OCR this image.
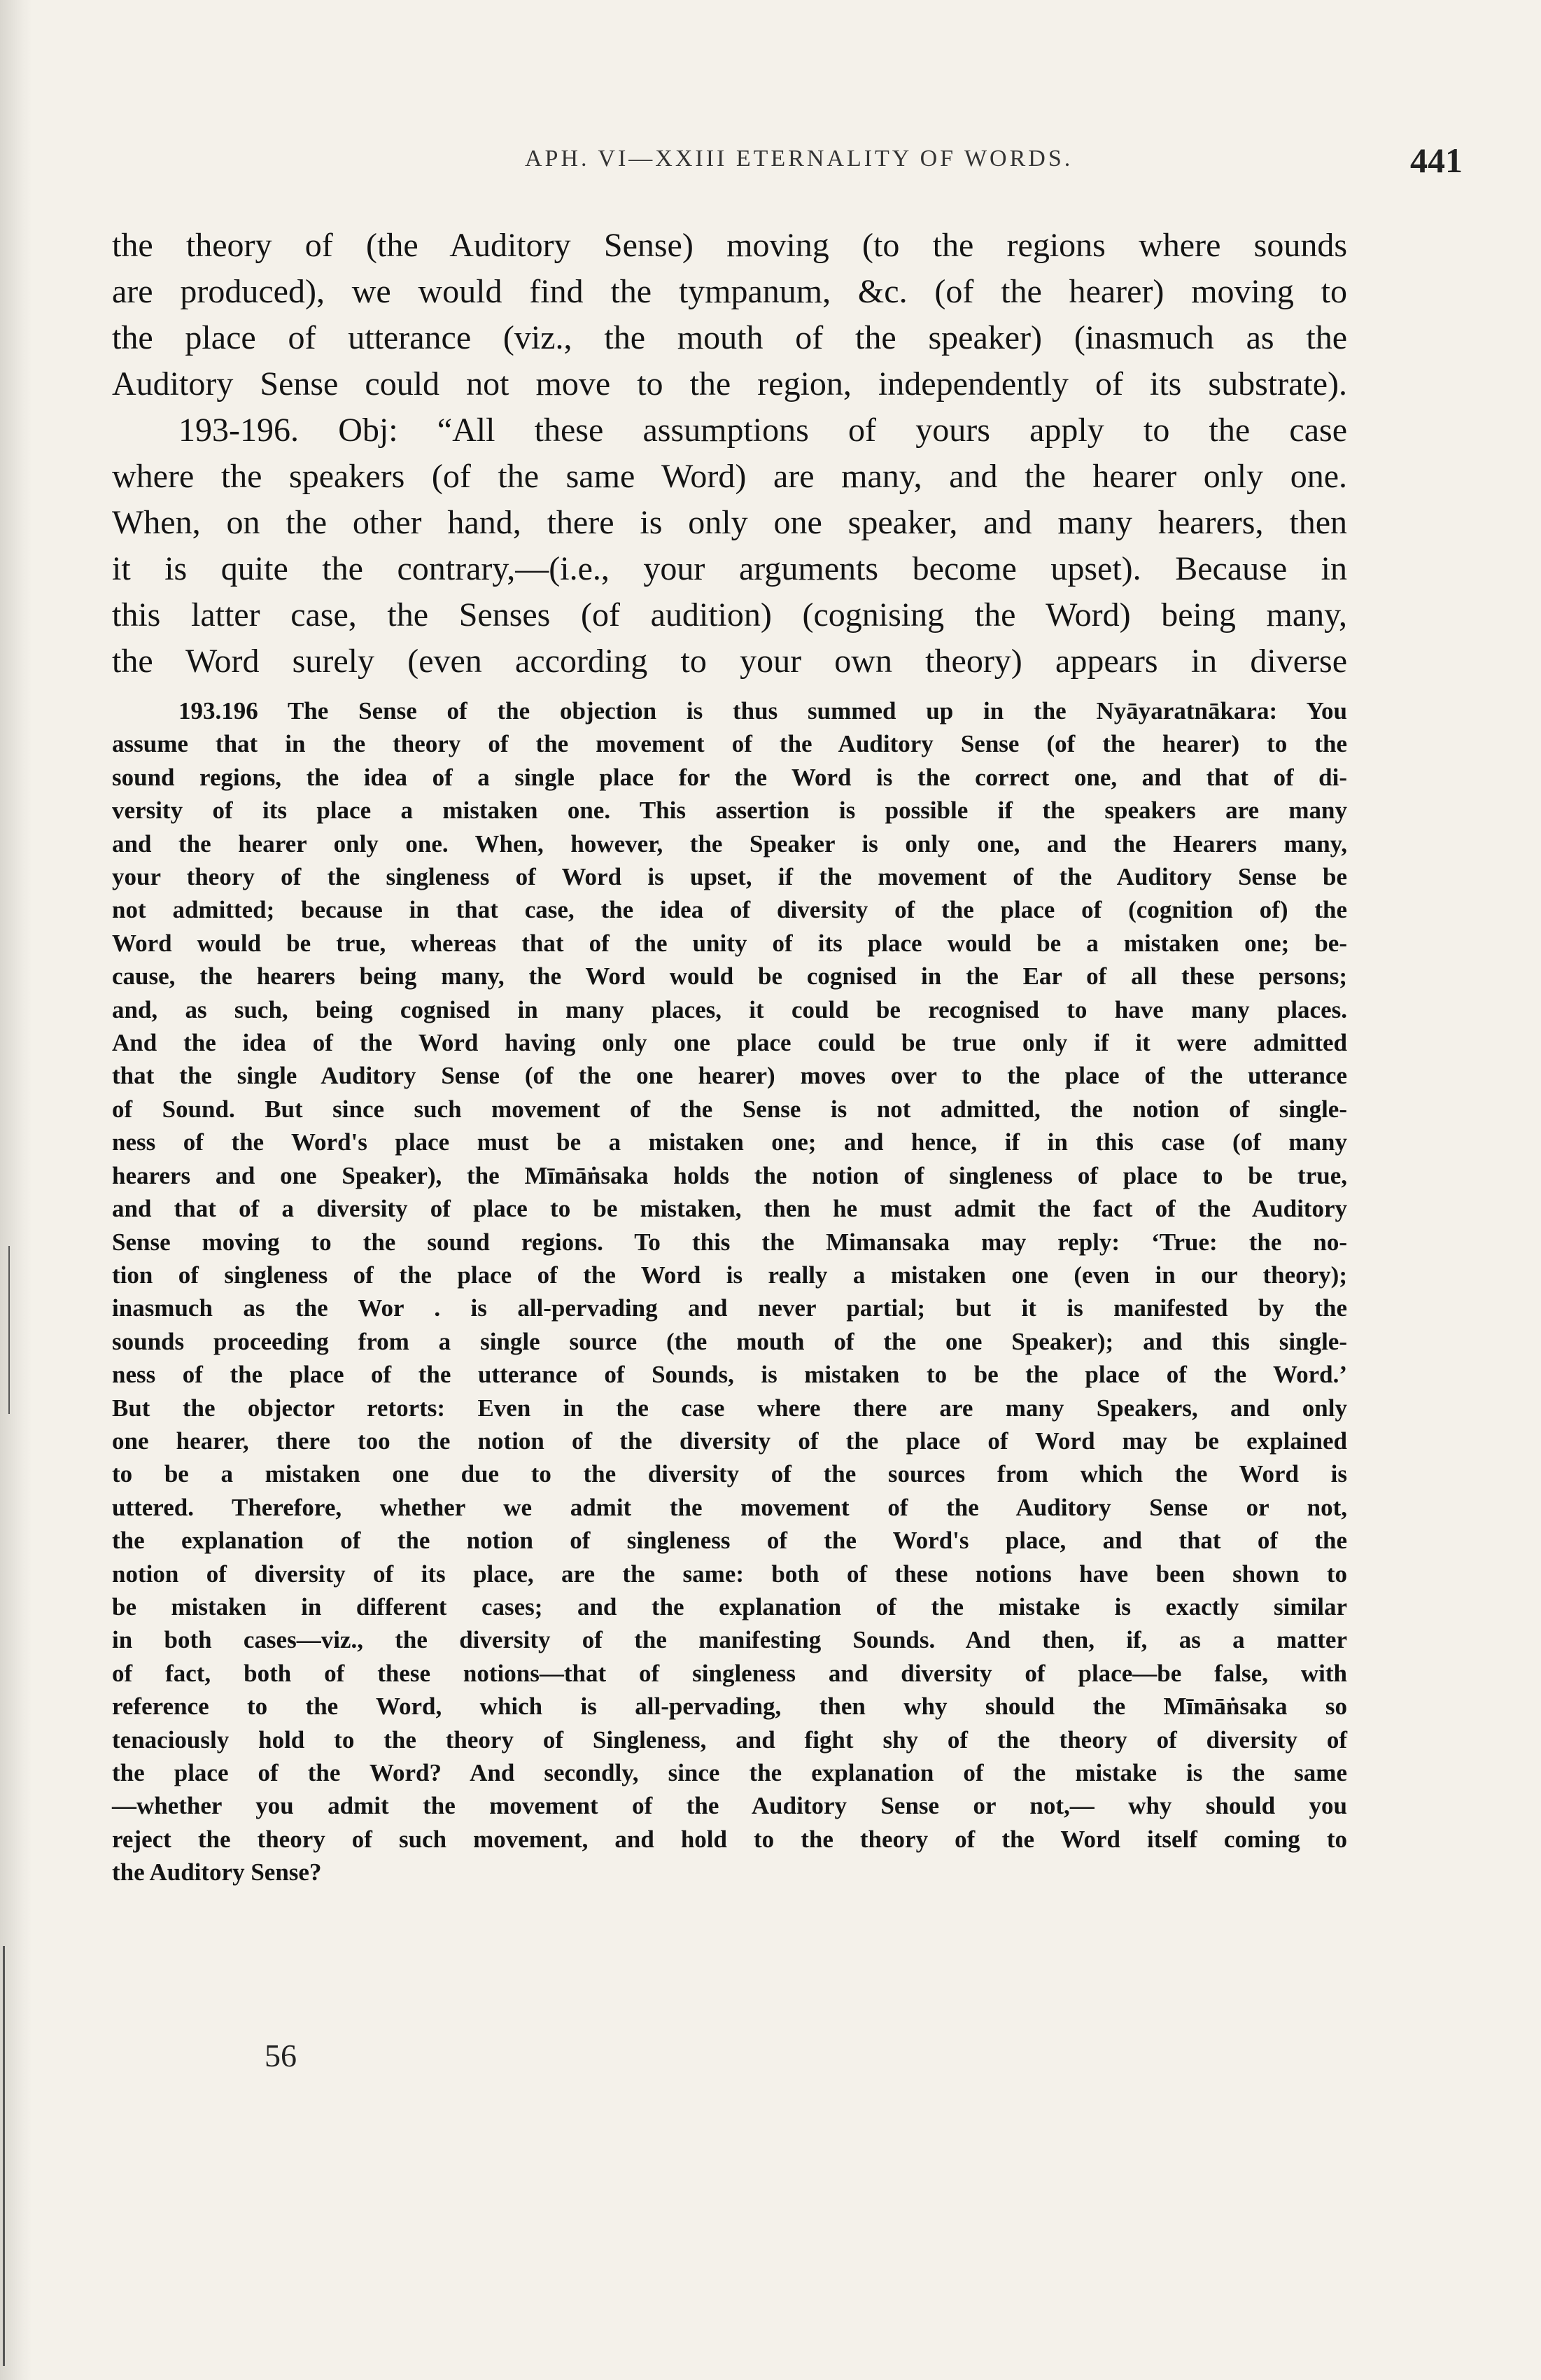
APH. VI—XXIII ETERNALITY OF WORDS.	441

the theory of (the Auditory Sense) moving (to the regions where sounds

are produced), we would find the tympanum, &c. (of the hearer) moving to

the place of utterance (viz., the mouth of the speaker) (inasmuch as the

Auditory Sense could not move to the region, independently of its substrate).

193-196. Obj: “All these assumptions of yours apply to the case

where the speakers (of the same Word) are many, and the hearer only one.

When, on the other hand, there is only one speaker, and many hearers, then

it is quite the contrary,—(i.e., your arguments become upset). Because in

this latter case, the Senses (of audition) (cognising the Word) being many,

the Word surely (even according to your own theory) appears in diverse

193.196 The Sense of the objection is thus summed up in the Nyāyaratnākara: You

assume that in the theory of the movement of the Auditory Sense (of the hearer) to the

sound regions, the idea of a single place for the Word is the correct one, and that of di-

versity of its place a mistaken one. This assertion is possible if the speakers are many

and the hearer only one. When, however, the Speaker is only one, and the Hearers many,

your theory of the singleness of Word is upset, if the movement of the Auditory Sense be

not admitted; because in that case, the idea of diversity of the place of (cognition of) the

Word would be true, whereas that of the unity of its place would be a mistaken one; be-

cause, the hearers being many, the Word would be cognised in the Ear of all these persons;

and, as such, being cognised in many places, it could be recognised to have many places.

And the idea of the Word having only one place could be true only if it were admitted

that the single Auditory Sense (of the one hearer) moves over to the place of the utterance

of Sound. But since such movement of the Sense is not admitted, the notion of single-

ness of the Word's place must be a mistaken one; and hence, if in this case (of many

hearers and one Speaker), the Mīmāṅsaka holds the notion of singleness of place to be true,

and that of a diversity of place to be mistaken, then he must admit the fact of the Auditory

Sense moving to the sound regions. To this the Mimansaka may reply: ‘True: the no-

tion of singleness of the place of the Word is really a mistaken one (even in our theory);

inasmuch as the Wor . is all-pervading and never partial; but it is manifested by the

sounds proceeding from a single source (the mouth of the one Speaker); and this single-

ness of the place of the utterance of Sounds, is mistaken to be the place of the Word.’

But the objector retorts: Even in the case where there are many Speakers, and only

one hearer, there too the notion of the diversity of the place of Word may be explained

to be a mistaken one due to the diversity of the sources from which the Word is

uttered. Therefore, whether we admit the movement of the Auditory Sense or not,

the explanation of the notion of singleness of the Word's place, and that of the

notion of diversity of its place, are the same: both of these notions have been shown to

be mistaken in different cases; and the explanation of the mistake is exactly similar

in both cases—viz., the diversity of the manifesting Sounds. And then, if, as a matter

of fact, both of these notions—that of singleness and diversity of place—be false, with

reference to the Word, which is all-pervading, then why should the Mīmāṅsaka so

tenaciously hold to the theory of Singleness, and fight shy of the theory of diversity of

the place of the Word? And secondly, since the explanation of the mistake is the same

—whether you admit the movement of the Auditory Sense or not,— why should you

reject the theory of such movement, and hold to the theory of the Word itself coming to

the Auditory Sense?

56
